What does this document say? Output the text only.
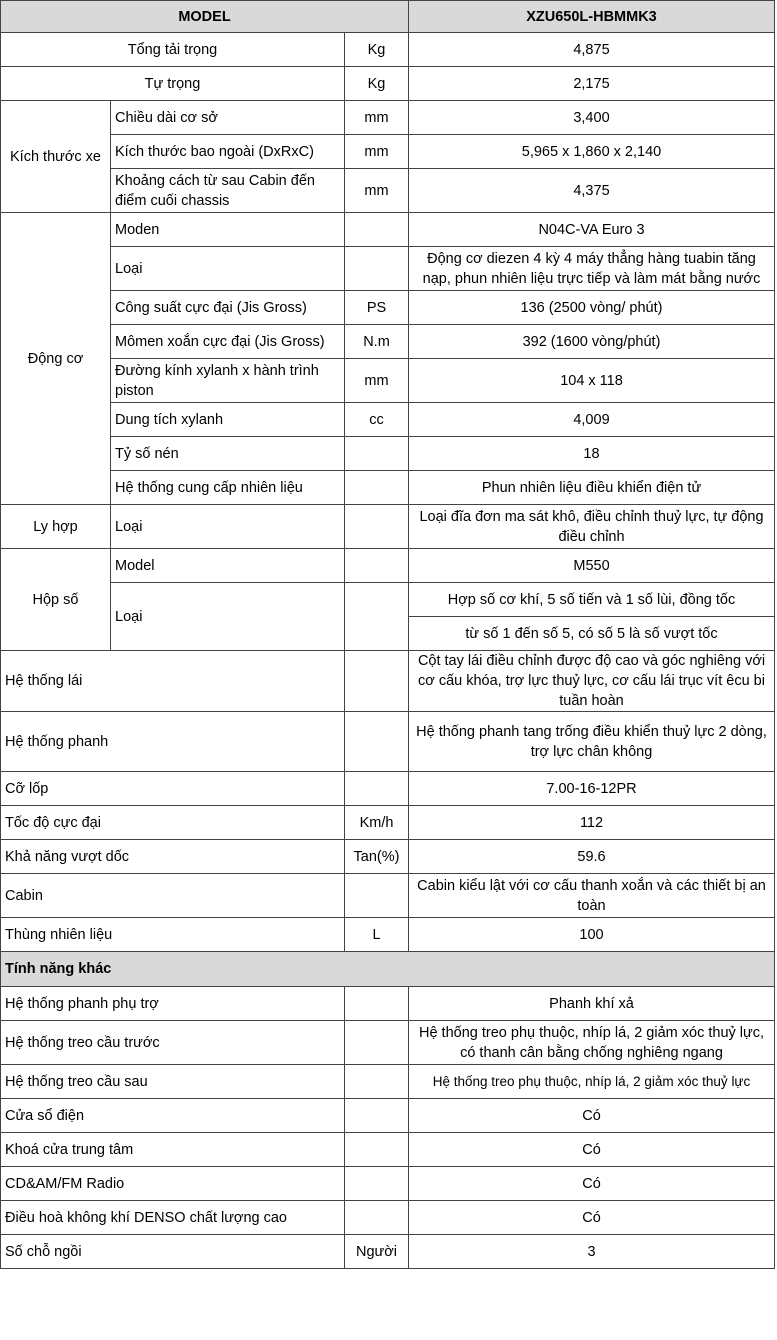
MODEL			XZU650L-HBMMK3
Tổng tải trọng		Kg	4,875
Tự trọng		Kg	2,175
Kích thước xe	Chiều dài cơ sở	mm	3,400
	Kích thước bao ngoài (DxRxC)	mm	5,965 x 1,860 x 2,140
	Khoảng cách từ sau Cabin đến điểm cuối chassis	mm	4,375
Động cơ	Moden		N04C-VA Euro 3
	Loại		Động cơ diezen 4 kỳ 4 máy thẳng hàng tuabin tăng nạp, phun nhiên liệu trực tiếp và làm mát bằng nước
	Công suất cực đại (Jis Gross)	PS	136 (2500 vòng/ phút)
	Mômen xoắn cực đại (Jis Gross)	N.m	392 (1600 vòng/phút)
	Đường kính xylanh x hành trình piston	mm	104 x 118
	Dung tích xylanh	cc	4,009
	Tỷ số nén		18
	Hệ thống cung cấp nhiên liệu		Phun nhiên liệu điều khiển điện tử
Ly hợp	Loại		Loại đĩa đơn ma sát khô, điều chỉnh thuỷ lực, tự động điều chỉnh
Hộp số	Model		M550
	Loại		Hợp số cơ khí, 5 số tiến và 1 số lùi, đồng tốc
			từ số 1 đến số 5, có số 5 là số vượt tốc
Hệ thống lái			Cột tay lái điều chỉnh được độ cao và góc nghiêng với cơ cấu khóa, trợ lực thuỷ lực, cơ cấu lái trục vít êcu bi tuần hoàn
Hệ thống phanh			Hệ thống phanh tang trống điều khiển thuỷ lực 2 dòng, trợ lực chân không
Cỡ lốp			7.00-16-12PR
Tốc độ cực đại		Km/h	112
Khả năng vượt dốc		Tan(%)	59.6
Cabin			Cabin kiểu lật với cơ cấu thanh xoắn và các thiết bị an toàn
Thùng nhiên liệu		L	100
Tính năng khác			
Hệ thống phanh phụ trợ			Phanh khí xả
Hệ thống treo cầu trước			Hệ thống treo phụ thuộc, nhíp lá, 2 giảm xóc thuỷ lực, có thanh cân bằng chống nghiêng ngang
Hệ thống treo cầu sau			Hệ thống treo phụ thuộc, nhíp lá, 2 giảm xóc thuỷ lực
Cửa sổ điện			Có
Khoá cửa trung tâm			Có
CD&AM/FM Radio			Có
Điều hoà không khí DENSO chất lượng cao			Có
Số chỗ ngồi		Người	3
